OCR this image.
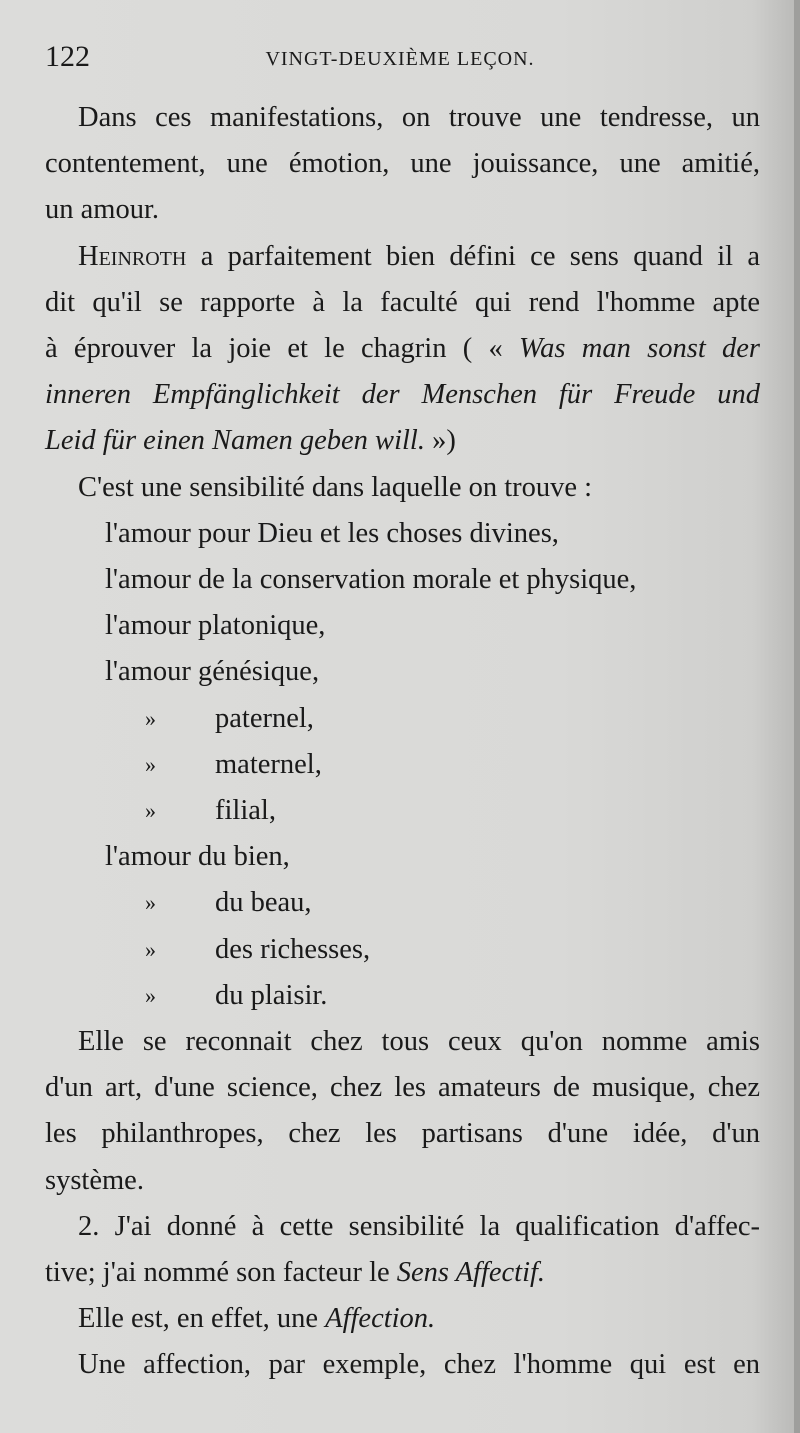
122	VINGT-DEUXIÈME LEÇON.

Dans ces manifestations, on trouve une tendresse, un

contentement, une émotion, une jouissance, une amitié,

un amour.

Heinroth a parfaitement bien défini ce sens quand il a

dit qu'il se rapporte à la faculté qui rend l'homme apte

à éprouver la joie et le chagrin ( « Was man sonst der

inneren Empfänglichkeit der Menschen für Freude und

Leid für einen Namen geben will. »)

C'est une sensibilité dans laquelle on trouve :

l'amour pour Dieu et les choses divines,

l'amour de la conservation morale et physique,

l'amour platonique,

l'amour génésique,

»	paternel,

»	maternel,

»	filial,

l'amour du bien,

»	du beau,

»	des richesses,

»	du plaisir.

Elle se reconnait chez tous ceux qu'on nomme amis

d'un art, d'une science, chez les amateurs de musique, chez

les philanthropes, chez les partisans d'une idée, d'un

système.

2. J'ai donné à cette sensibilité la qualification d'affec-

tive; j'ai nommé son facteur le Sens Affectif.

Elle est, en effet, une Affection.

Une affection, par exemple, chez l'homme qui est en
